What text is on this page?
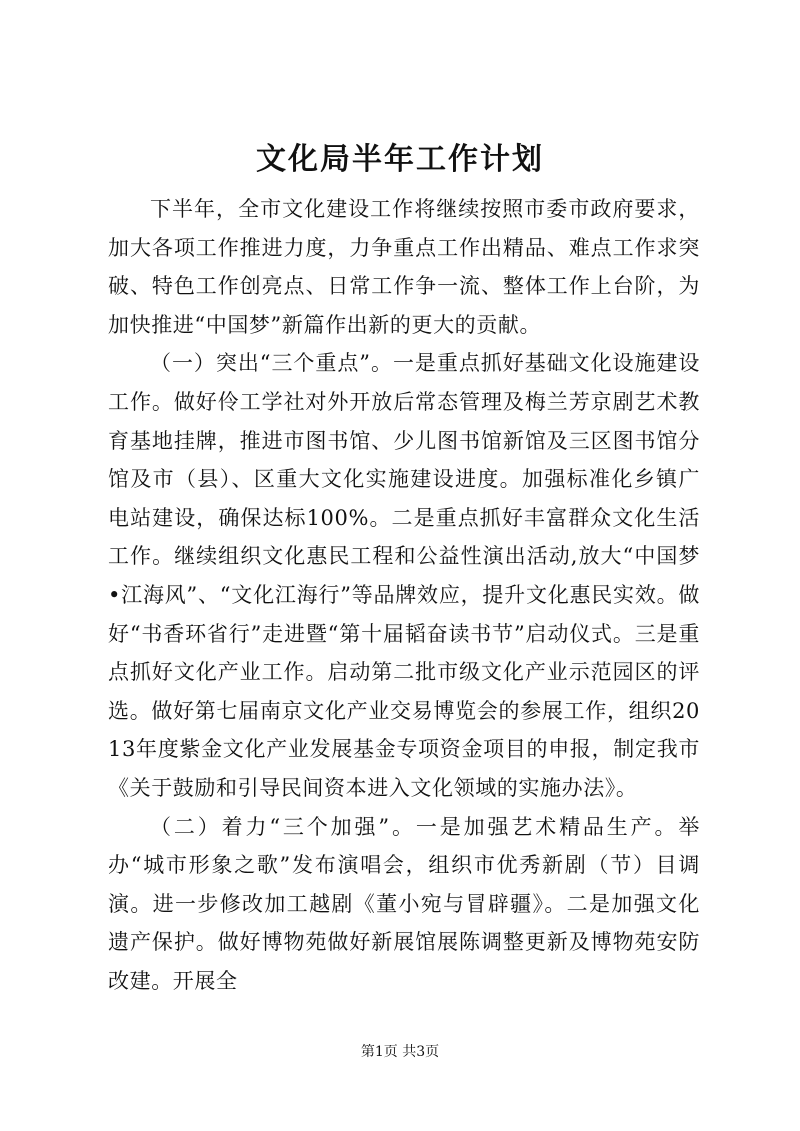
文化局半年工作计划

下半年，全市文化建设工作将继续按照市委市政府要求，加大各项工作推进力度，力争重点工作出精品、难点工作求突破、特色工作创亮点、日常工作争一流、整体工作上台阶，为加快推进“中国梦”新篇作出新的更大的贡献。

（一）突出“三个重点”。一是重点抓好基础文化设施建设工作。做好伶工学社对外开放后常态管理及梅兰芳京剧艺术教育基地挂牌，推进市图书馆、少儿图书馆新馆及三区图书馆分馆及市（县）、区重大文化实施建设进度。加强标准化乡镇广电站建设，确保达标100%。二是重点抓好丰富群众文化生活工作。继续组织文化惠民工程和公益性演出活动,放大“中国梦•江海风”、“文化江海行”等品牌效应，提升文化惠民实效。做好“书香环省行”走进暨“第十届韬奋读书节”启动仪式。三是重点抓好文化产业工作。启动第二批市级文化产业示范园区的评选。做好第七届南京文化产业交易博览会的参展工作，组织2013年度紫金文化产业发展基金专项资金项目的申报，制定我市《关于鼓励和引导民间资本进入文化领域的实施办法》。

（二）着力“三个加强”。一是加强艺术精品生产。举办“城市形象之歌”发布演唱会，组织市优秀新剧（节）目调演。进一步修改加工越剧《董小宛与冒辟疆》。二是加强文化遗产保护。做好博物苑做好新展馆展陈调整更新及博物苑安防改建。开展全

第1页 共3页
